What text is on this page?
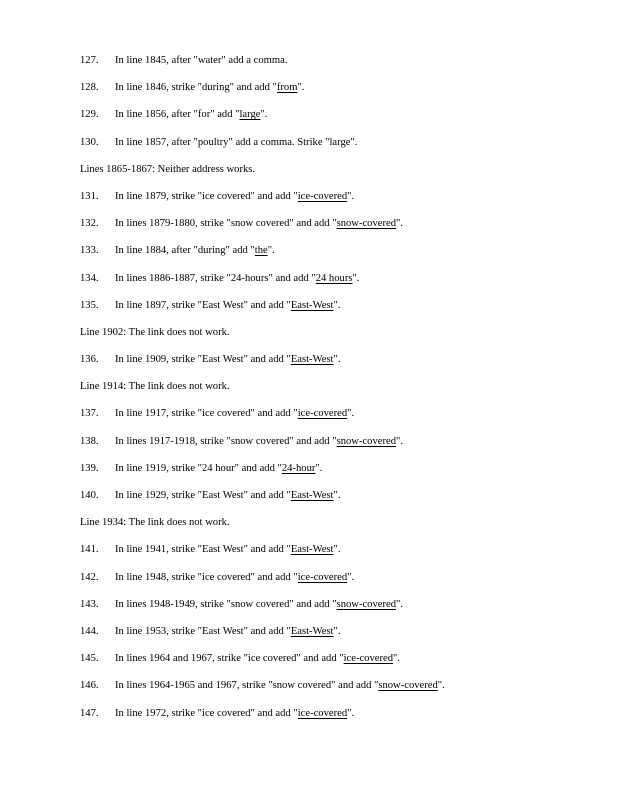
127. In line 1845, after "water" add a comma.
128. In line 1846, strike "during" and add "from".
129. In line 1856, after "for" add "large".
130. In line 1857, after "poultry" add a comma. Strike "large".
Lines 1865-1867: Neither address works.
131. In line 1879, strike "ice covered" and add "ice-covered".
132. In lines 1879-1880, strike "snow covered" and add "snow-covered".
133. In line 1884, after "during" add "the".
134. In lines 1886-1887, strike "24-hours" and add "24 hours".
135. In line 1897, strike "East West" and add "East-West".
Line 1902: The link does not work.
136. In line 1909, strike "East West" and add "East-West".
Line 1914: The link does not work.
137. In line 1917, strike "ice covered" and add "ice-covered".
138. In lines 1917-1918, strike "snow covered" and add "snow-covered".
139. In line 1919, strike "24 hour" and add "24-hour".
140. In line 1929, strike "East West" and add "East-West".
Line 1934: The link does not work.
141. In line 1941, strike "East West" and add "East-West".
142. In line 1948, strike "ice covered" and add "ice-covered".
143. In lines 1948-1949, strike "snow covered" and add "snow-covered".
144. In line 1953, strike "East West" and add "East-West".
145. In lines 1964 and 1967, strike "ice covered" and add "ice-covered".
146. In lines 1964-1965 and 1967, strike "snow covered" and add "snow-covered".
147. In line 1972, strike "ice covered" and add "ice-covered".
